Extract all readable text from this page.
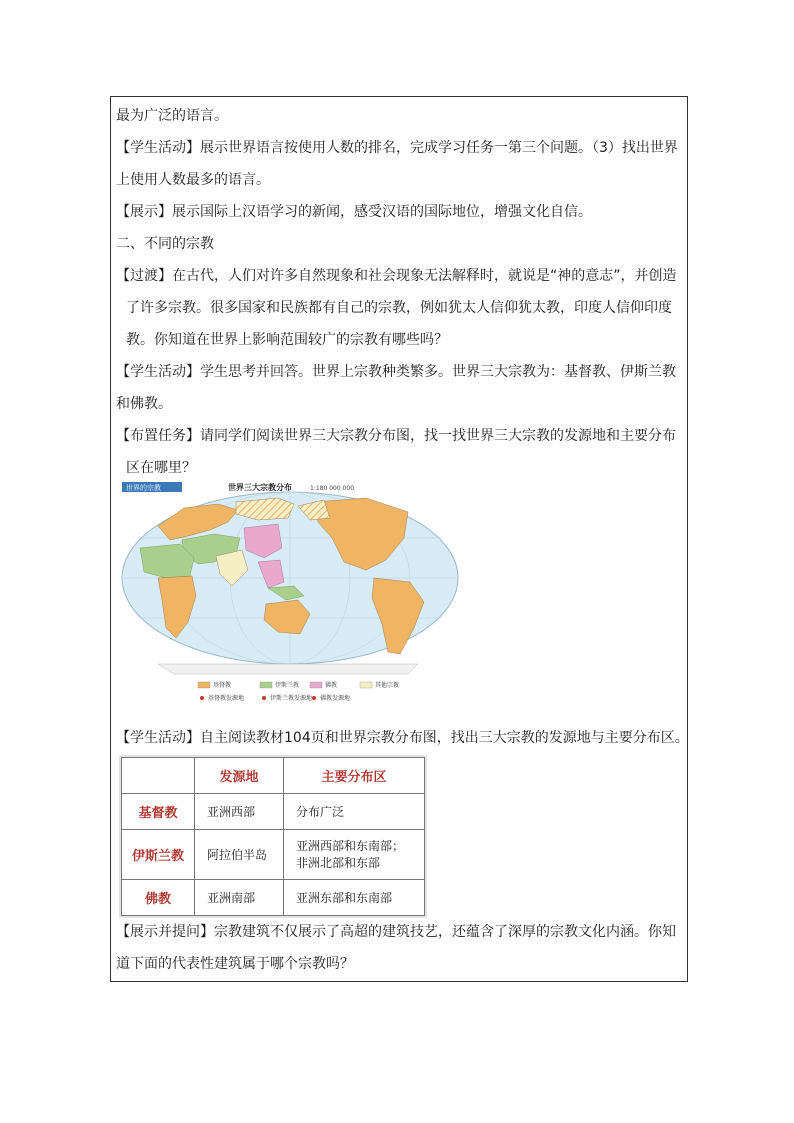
最为广泛的语言。

【学生活动】展示世界语言按使用人数的排名，完成学习任务一第三个问题。（3）找出世界

上使用人数最多的语言。

【展示】展示国际上汉语学习的新闻，感受汉语的国际地位，增强文化自信。

二、不同的宗教

【过渡】在古代，人们对许多自然现象和社会现象无法解释时，就说是“神的意志”，并创造

了许多宗教。很多国家和民族都有自己的宗教，例如犹太人信仰犹太教，印度人信仰印度

教。你知道在世界上影响范围较广的宗教有哪些吗？

【学生活动】学生思考并回答。世界上宗教种类繁多。世界三大宗教为：基督教、伊斯兰教

和佛教。

【布置任务】请同学们阅读世界三大宗教分布图，找一找世界三大宗教的发源地和主要分布

区在哪里？

世界的宗教	世界三大宗教分布	1:180 000 000
基督教	伊斯兰教	佛教	其他宗教
基督教发源地	伊斯兰教发源地 佛教发源地
【学生活动】自主阅读教材104页和世界宗教分布图，找出三大宗教的发源地与主要分布区。
	发源地	主要分布区
基督教	亚洲西部	分布广泛
伊斯兰教	阿拉伯半岛	亚洲西部和东南部；
非洲北部和东部
佛教	亚洲南部	亚洲东部和东南部

【展示并提问】宗教建筑不仅展示了高超的建筑技艺，还蕴含了深厚的宗教文化内涵。你知

道下面的代表性建筑属于哪个宗教吗？
